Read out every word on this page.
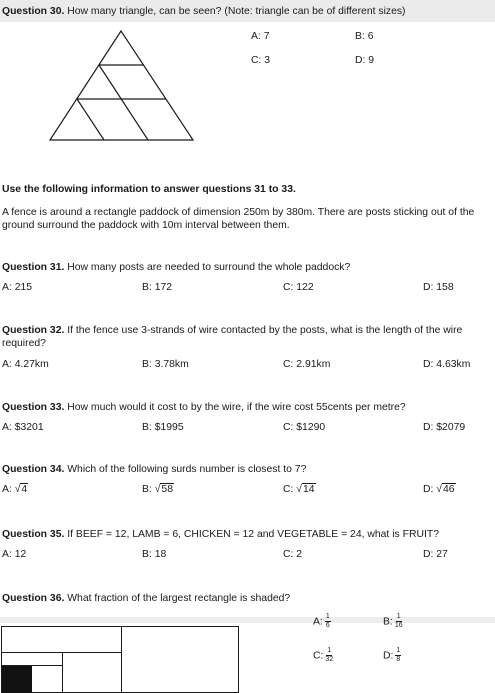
Question 30. How many triangle, can be seen? (Note: triangle can be of different sizes)
A: 7	B: 6
C: 3	D: 9
Use the following information to answer questions 31 to 33.
A fence is around a rectangle paddock of dimension 250m by 380m. There are posts sticking out of the ground surround the paddock with 10m interval between them.
Question 31. How many posts are needed to surround the whole paddock?
A: 215	B: 172	C: 122	D: 158
Question 32. If the fence use 3-strands of wire contacted by the posts, what is the length of the wire required?
A: 4.27km	B: 3.78km	C: 2.91km	D: 4.63km
Question 33. How much would it cost to by the wire, if the wire cost 55cents per metre?
A: $3201	B: $1995	C: $1290	D: $2079
Question 34. Which of the following surds number is closest to 7?
A: √4	B: √58	C: √14	D: √46
Question 35. If BEEF = 12, LAMB = 6, CHICKEN = 12 and VEGETABLE = 24, what is FRUIT?
A: 12	B: 18	C: 2	D: 27
Question 36. What fraction of the largest rectangle is shaded?
A: $\frac{1}{6}$	B: $\frac{1}{16}$
C: $\frac{1}{32}$	D: $\frac{1}{8}$
